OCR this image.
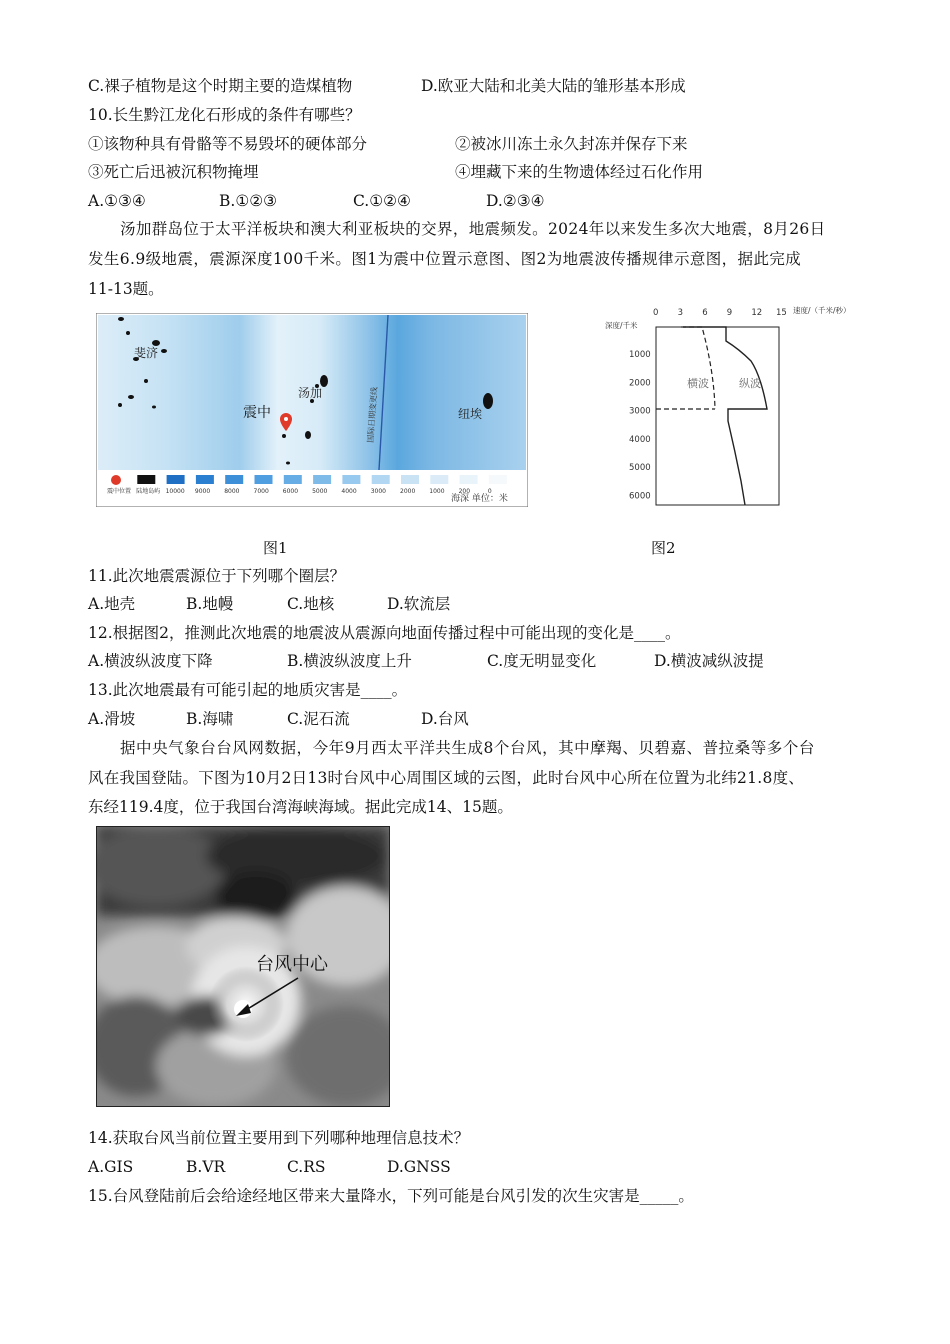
C.裸子植物是这个时期主要的造煤植物	D.欧亚大陆和北美大陆的雏形基本形成
10.长生黔江龙化石形成的条件有哪些？
①该物种具有骨骼等不易毁坏的硬体部分	②被冰川冻土永久封冻并保存下来
③死亡后迅被沉积物掩埋	④埋藏下来的生物遗体经过石化作用
A.①③④	B.①②③	C.①②④	D.②③④
汤加群岛位于太平洋板块和澳大利亚板块的交界，地震频发。2024年以来发生多次大地震，8月26日
发生6.9级地震，震源深度100千米。图1为震中位置示意图、图2为地震波传播规律示意图，据此完成
11-13题。
斐济
汤加
震中	纽埃
国际日期变更线
震中位置 陆地岛屿 10000 9000 8000 7000 6000 5000 4000 3000 2000 1000 200	0
海深 单位：米
0 3 6 9 12 15 速度/（千米/秒）
深度/千米
1000
2000
3000
4000
5000
6000
横波	纵波
图1	图2
11.此次地震震源位于下列哪个圈层？
A.地壳	B.地幔	C.地核	D.软流层
12.根据图2，推测此次地震的地震波从震源向地面传播过程中可能出现的变化是____。
A.横波纵波度下降	B.横波纵波度上升	C.度无明显变化	D.横波减纵波提
13.此次地震最有可能引起的地质灾害是____。
A.滑坡	B.海啸	C.泥石流	D.台风
据中央气象台台风网数据，今年9月西太平洋共生成8个台风，其中摩羯、贝碧嘉、普拉桑等多个台
风在我国登陆。下图为10月2日13时台风中心周围区域的云图，此时台风中心所在位置为北纬21.8度、
东经119.4度，位于我国台湾海峡海域。据此完成14、15题。
台风中心
14.获取台风当前位置主要用到下列哪种地理信息技术？
A.GIS	B.VR	C.RS	D.GNSS
15.台风登陆前后会给途经地区带来大量降水，下列可能是台风引发的次生灾害是_____。
